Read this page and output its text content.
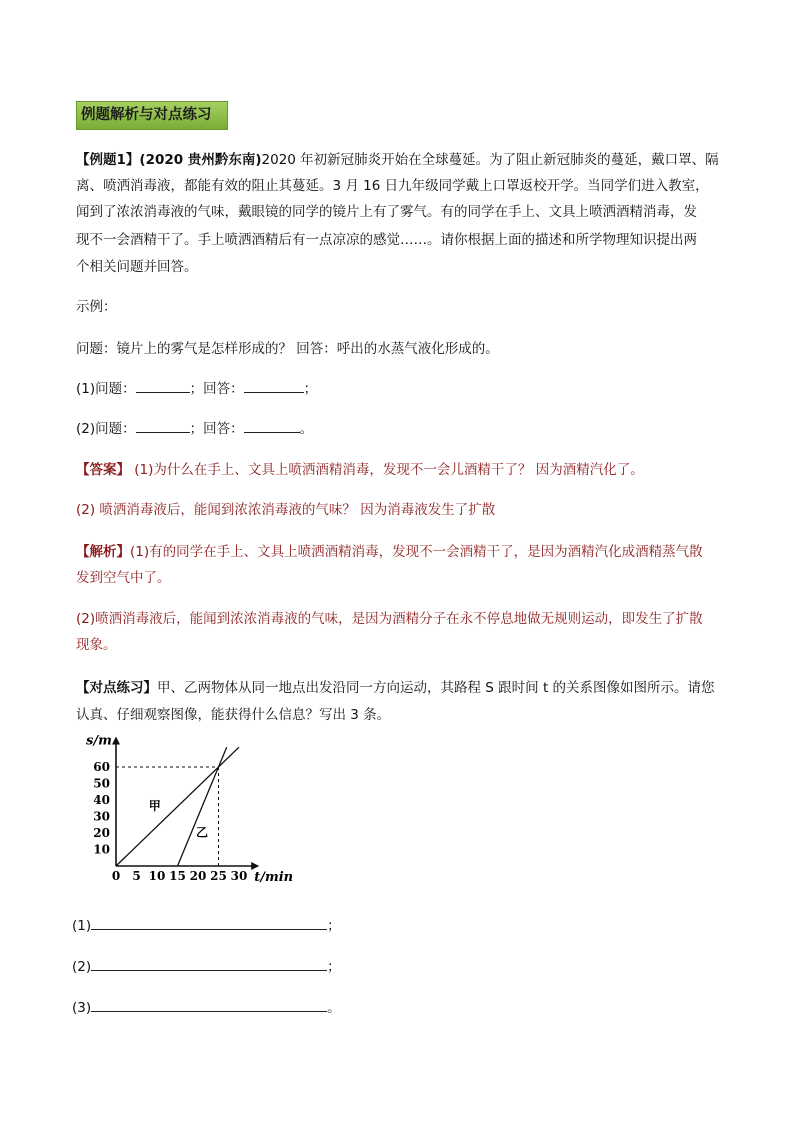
例题解析与对点练习
【例题1】(2020 贵州黔东南)2020 年初新冠肺炎开始在全球蔓延。为了阻止新冠肺炎的蔓延，戴口罩、隔
离、喷洒消毒液，都能有效的阻止其蔓延。3 月 16 日九年级同学戴上口罩返校开学。当同学们进入教室，
闻到了浓浓消毒液的气味，戴眼镜的同学的镜片上有了雾气。有的同学在手上、文具上喷洒酒精消毒，发
现不一会酒精干了。手上喷洒酒精后有一点凉凉的感觉……。请你根据上面的描述和所学物理知识提出两
个相关问题并回答。
示例：
问题：镜片上的雾气是怎样形成的？ 回答：呼出的水蒸气液化形成的。
(1)问题：	；回答：	；
(2)问题：	；回答：	。
【答案】 (1)为什么在手上、文具上喷洒酒精消毒，发现不一会儿酒精干了？ 因为酒精汽化了。
(2) 喷洒消毒液后，能闻到浓浓消毒液的气味？ 因为消毒液发生了扩散
【解析】(1)有的同学在手上、文具上喷洒酒精消毒，发现不一会酒精干了，是因为酒精汽化成酒精蒸气散
发到空气中了。
(2)喷洒消毒液后，能闻到浓浓消毒液的气味，是因为酒精分子在永不停息地做无规则运动，即发生了扩散
现象。
【对点练习】甲、乙两物体从同一地点出发沿同一方向运动，其路程 S 跟时间 t 的关系图像如图所示。请您
认真、仔细观察图像，能获得什么信息？写出 3 条。
s/m
t/min
0 5 10 15 20 25 30
10
20
30
40
50
60
甲
乙
(1)	；
(2)	；
(3)	。
